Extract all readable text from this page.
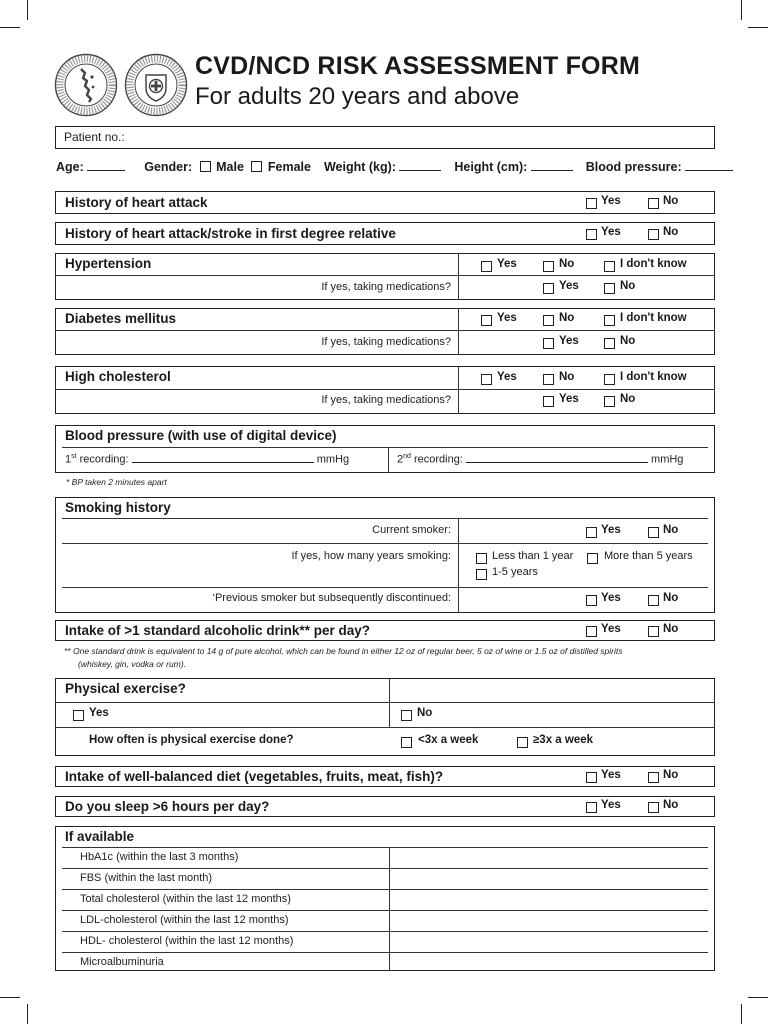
CVD/NCD RISK ASSESSMENT FORM
For adults 20 years and above
Patient no.:
Age:	Gender: Male Female Weight (kg):	Height (cm):	Blood pressure:
History of heart attack	Yes	No
History of heart attack/stroke in first degree relative	Yes	No
Hypertension	Yes	No	I don't know
If yes, taking medications?	Yes	No
Diabetes mellitus	Yes	No	I don't know
If yes, taking medications?	Yes	No
High cholesterol	Yes	No	I don't know
If yes, taking medications?	Yes	No
Blood pressure (with use of digital device)
1st recording:	mmHg	2nd recording:	mmHg
* BP taken 2 minutes apart
Smoking history
Current smoker:	Yes	No
If yes, how many years smoking:	Less than 1 year	More than 5 years
1-5 years
‘Previous smoker but subsequently discontinued:	Yes	No
Intake of >1 standard alcoholic drink** per day?	Yes	No
** One standard drink is equivalent to 14 g of pure alcohol, which can be found in either 12 oz of regular beer, 5 oz of wine or 1.5 oz of distilled spirits
(whiskey, gin, vodka or rum).
Physical exercise?
Yes	No
How often is physical exercise done?	<3x a week	≥3x a week
Intake of well-balanced diet (vegetables, fruits, meat, fish)?	Yes	No
Do you sleep >6 hours per day?	Yes	No
If available
HbA1c (within the last 3 months)
FBS (within the last month)
Total cholesterol (within the last 12 months)
LDL-cholesterol (within the last 12 months)
HDL- cholesterol (within the last 12 months)
Microalbuminuria
